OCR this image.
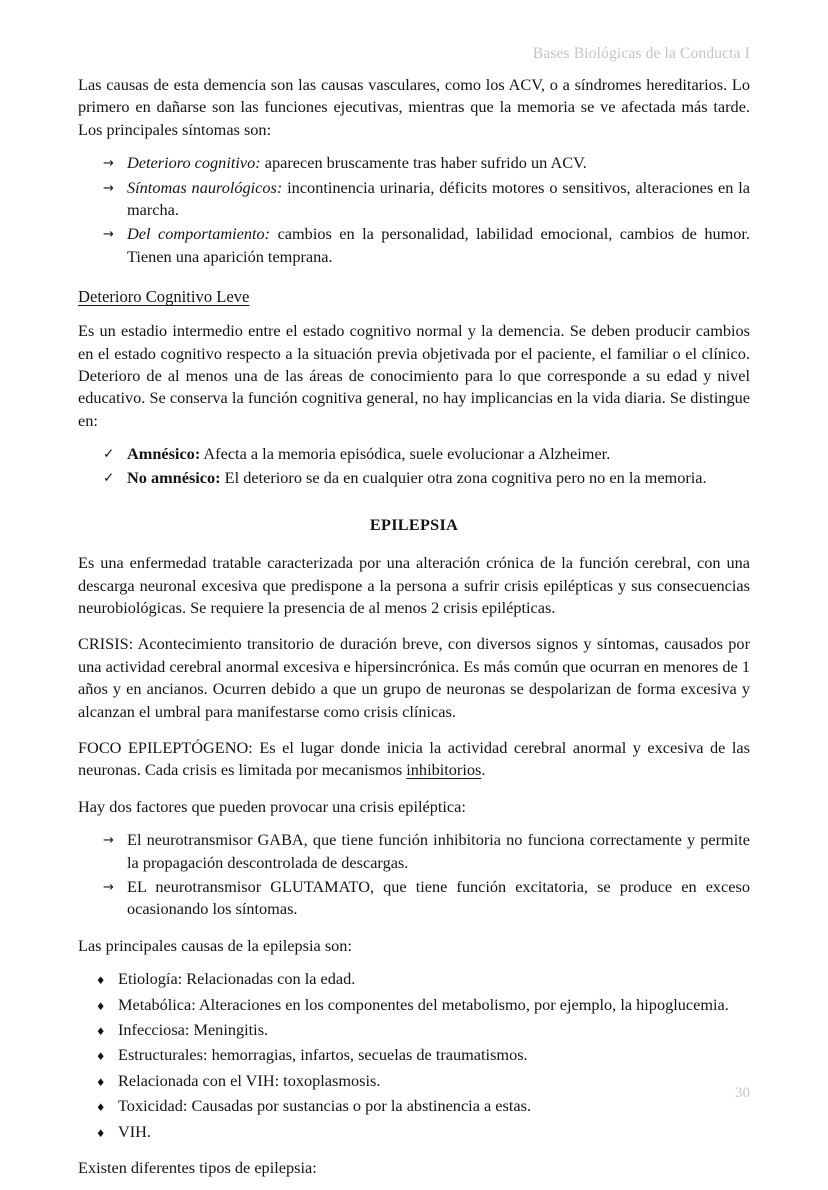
Bases Biológicas de la Conducta I

Las causas de esta demencia son las causas vasculares, como los ACV, o a síndromes hereditarios. Lo primero en dañarse son las funciones ejecutivas, mientras que la memoria se ve afectada más tarde. Los principales síntomas son:

→ Deterioro cognitivo: aparecen bruscamente tras haber sufrido un ACV.
→ Síntomas naurológicos: incontinencia urinaria, déficits motores o sensitivos, alteraciones en la marcha.
→ Del comportamiento: cambios en la personalidad, labilidad emocional, cambios de humor. Tienen una aparición temprana.

Deterioro Cognitivo Leve

Es un estadio intermedio entre el estado cognitivo normal y la demencia. Se deben producir cambios en el estado cognitivo respecto a la situación previa objetivada por el paciente, el familiar o el clínico. Deterioro de al menos una de las áreas de conocimiento para lo que corresponde a su edad y nivel educativo. Se conserva la función cognitiva general, no hay implicancias en la vida diaria. Se distingue en:

✓ Amnésico: Afecta a la memoria episódica, suele evolucionar a Alzheimer.
✓ No amnésico: El deterioro se da en cualquier otra zona cognitiva pero no en la memoria.

EPILEPSIA

Es una enfermedad tratable caracterizada por una alteración crónica de la función cerebral, con una descarga neuronal excesiva que predispone a la persona a sufrir crisis epilépticas y sus consecuencias neurobiológicas. Se requiere la presencia de al menos 2 crisis epilépticas.

CRISIS: Acontecimiento transitorio de duración breve, con diversos signos y síntomas, causados por una actividad cerebral anormal excesiva e hipersincrónica. Es más común que ocurran en menores de 1 años y en ancianos. Ocurren debido a que un grupo de neuronas se despolarizan de forma excesiva y alcanzan el umbral para manifestarse como crisis clínicas.

FOCO EPILEPTÓGENO: Es el lugar donde inicia la actividad cerebral anormal y excesiva de las neuronas. Cada crisis es limitada por mecanismos inhibitorios.

Hay dos factores que pueden provocar una crisis epiléptica:

→ El neurotransmisor GABA, que tiene función inhibitoria no funciona correctamente y permite la propagación descontrolada de descargas.
→ EL neurotransmisor GLUTAMATO, que tiene función excitatoria, se produce en exceso ocasionando los síntomas.

Las principales causas de la epilepsia son:

♦ Etiología: Relacionadas con la edad.
♦ Metabólica: Alteraciones en los componentes del metabolismo, por ejemplo, la hipoglucemia.
♦ Infecciosa: Meningitis.
♦ Estructurales: hemorragias, infartos, secuelas de traumatismos.
♦ Relacionada con el VIH: toxoplasmosis.
♦ Toxicidad: Causadas por sustancias o por la abstinencia a estas.
♦ VIH.

Existen diferentes tipos de epilepsia:

30
